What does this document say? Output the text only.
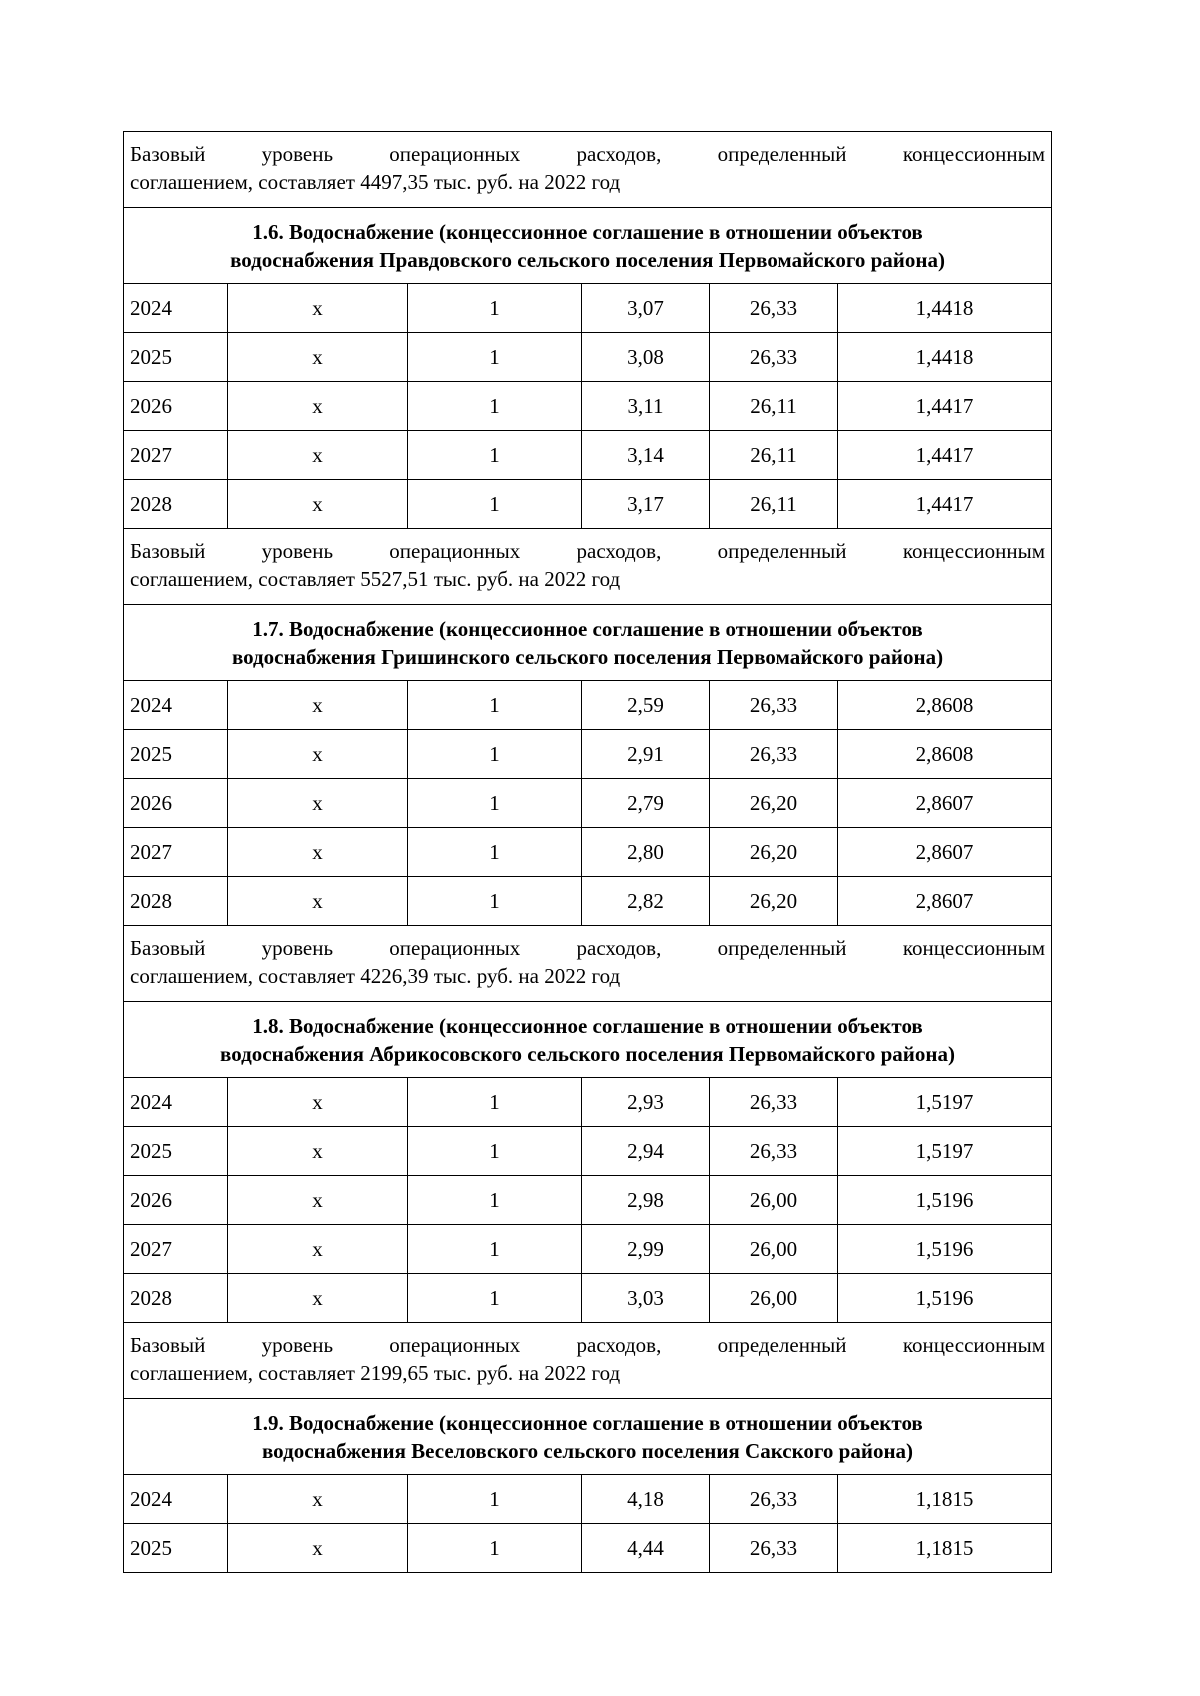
Базовый уровень операционных расходов, определенный концессионным
соглашением, составляет 4497,35 тыс. руб. на 2022 год					

1.6. Водоснабжение (концессионное соглашение в отношении объектов
водоснабжения Правдовского сельского поселения Первомайского района)					

2024	х	1	3,07	26,33	1,4418
2025	х	1	3,08	26,33	1,4418
2026	х	1	3,11	26,11	1,4417
2027	х	1	3,14	26,11	1,4417
2028	х	1	3,17	26,11	1,4417

Базовый уровень операционных расходов, определенный концессионным
соглашением, составляет 5527,51 тыс. руб. на 2022 год					

1.7. Водоснабжение (концессионное соглашение в отношении объектов
водоснабжения Гришинского сельского поселения Первомайского района)					

2024	х	1	2,59	26,33	2,8608
2025	х	1	2,91	26,33	2,8608
2026	х	1	2,79	26,20	2,8607
2027	х	1	2,80	26,20	2,8607
2028	х	1	2,82	26,20	2,8607

Базовый уровень операционных расходов, определенный концессионным
соглашением, составляет 4226,39 тыс. руб. на 2022 год					

1.8. Водоснабжение (концессионное соглашение в отношении объектов
водоснабжения Абрикосовского сельского поселения Первомайского района)					

2024	х	1	2,93	26,33	1,5197
2025	х	1	2,94	26,33	1,5197
2026	х	1	2,98	26,00	1,5196
2027	х	1	2,99	26,00	1,5196
2028	х	1	3,03	26,00	1,5196

Базовый уровень операционных расходов, определенный концессионным
соглашением, составляет 2199,65 тыс. руб. на 2022 год					

1.9. Водоснабжение (концессионное соглашение в отношении объектов
водоснабжения Веселовского сельского поселения Сакского района)					

2024	х	1	4,18	26,33	1,1815
2025	х	1	4,44	26,33	1,1815
